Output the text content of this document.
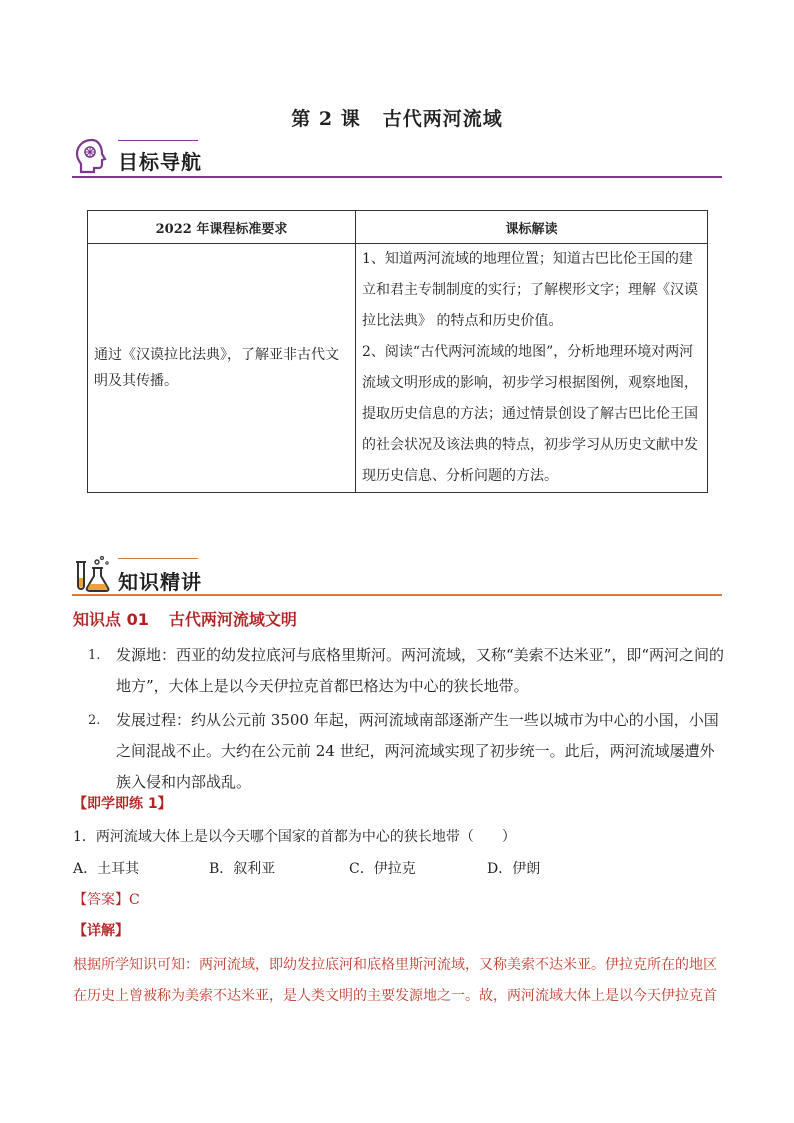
第 2 课 古代两河流域
目标导航
2022 年课程标准要求	课标解读
通过《汉谟拉比法典》，了解亚非古代文明及其传播。	1、知道两河流域的地理位置；知道古巴比伦王国的建立和君主专制制度的实行；了解楔形文字；理解《汉谟拉比法典》 的特点和历史价值。

2、阅读“古代两河流域的地图”，分析地理环境对两河流域文明形成的影响，初步学习根据图例，观察地图，提取历史信息的方法；通过情景创设了解古巴比伦王国的社会状况及该法典的特点，初步学习从历史文献中发现历史信息、分析问题的方法。

知识精讲
知识点 01 古代两河流域文明
1. 发源地：西亚的幼发拉底河与底格里斯河。两河流域，又称“美索不达米亚”，即“两河之间的地方”，大体上是以今天伊拉克首都巴格达为中心的狭长地带。
2. 发展过程：约从公元前 3500 年起，两河流域南部逐渐产生一些以城市为中心的小国，小国之间混战不止。大约在公元前 24 世纪，两河流域实现了初步统一。此后，两河流域屡遭外族入侵和内部战乱。
【即学即练 1】
1．两河流域大体上是以今天哪个国家的首都为中心的狭长地带（　　）
A．土耳其	B．叙利亚	C．伊拉克	D．伊朗
【答案】C
【详解】
根据所学知识可知：两河流域，即幼发拉底河和底格里斯河流域，又称美索不达米亚。伊拉克所在的地区在历史上曾被称为美索不达米亚，是人类文明的主要发源地之一。故，两河流域大体上是以今天伊拉克首
